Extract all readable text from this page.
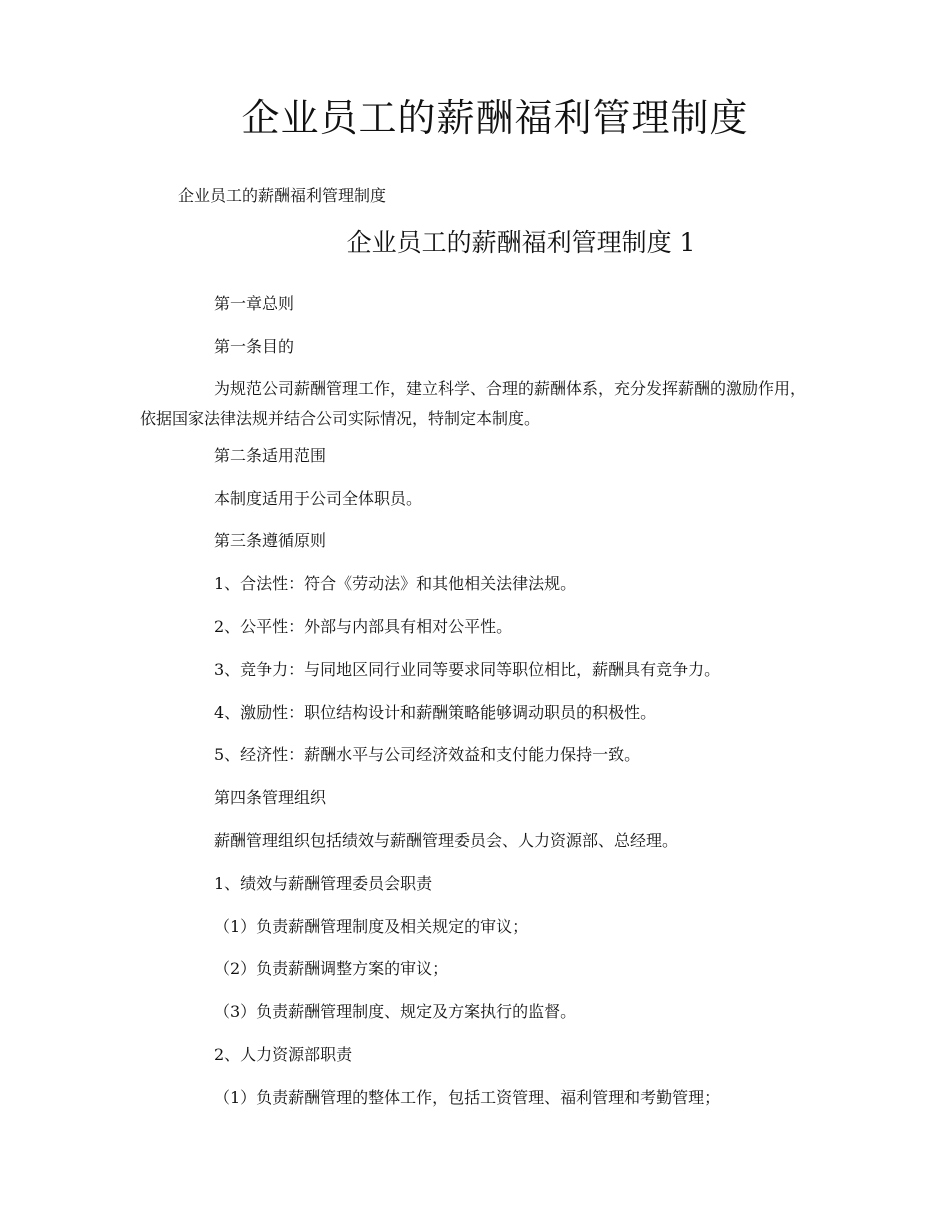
企业员工的薪酬福利管理制度

企业员工的薪酬福利管理制度

企业员工的薪酬福利管理制度 1

第一章总则

第一条目的

为规范公司薪酬管理工作，建立科学、合理的薪酬体系，充分发挥薪酬的激励作用，依据国家法律法规并结合公司实际情况，特制定本制度。

第二条适用范围

本制度适用于公司全体职员。

第三条遵循原则

1、合法性：符合《劳动法》和其他相关法律法规。

2、公平性：外部与内部具有相对公平性。

3、竞争力：与同地区同行业同等要求同等职位相比，薪酬具有竞争力。

4、激励性：职位结构设计和薪酬策略能够调动职员的积极性。

5、经济性：薪酬水平与公司经济效益和支付能力保持一致。

第四条管理组织

薪酬管理组织包括绩效与薪酬管理委员会、人力资源部、总经理。

1、绩效与薪酬管理委员会职责

（1）负责薪酬管理制度及相关规定的审议；

（2）负责薪酬调整方案的审议；

（3）负责薪酬管理制度、规定及方案执行的监督。

2、人力资源部职责

（1）负责薪酬管理的整体工作，包括工资管理、福利管理和考勤管理；
